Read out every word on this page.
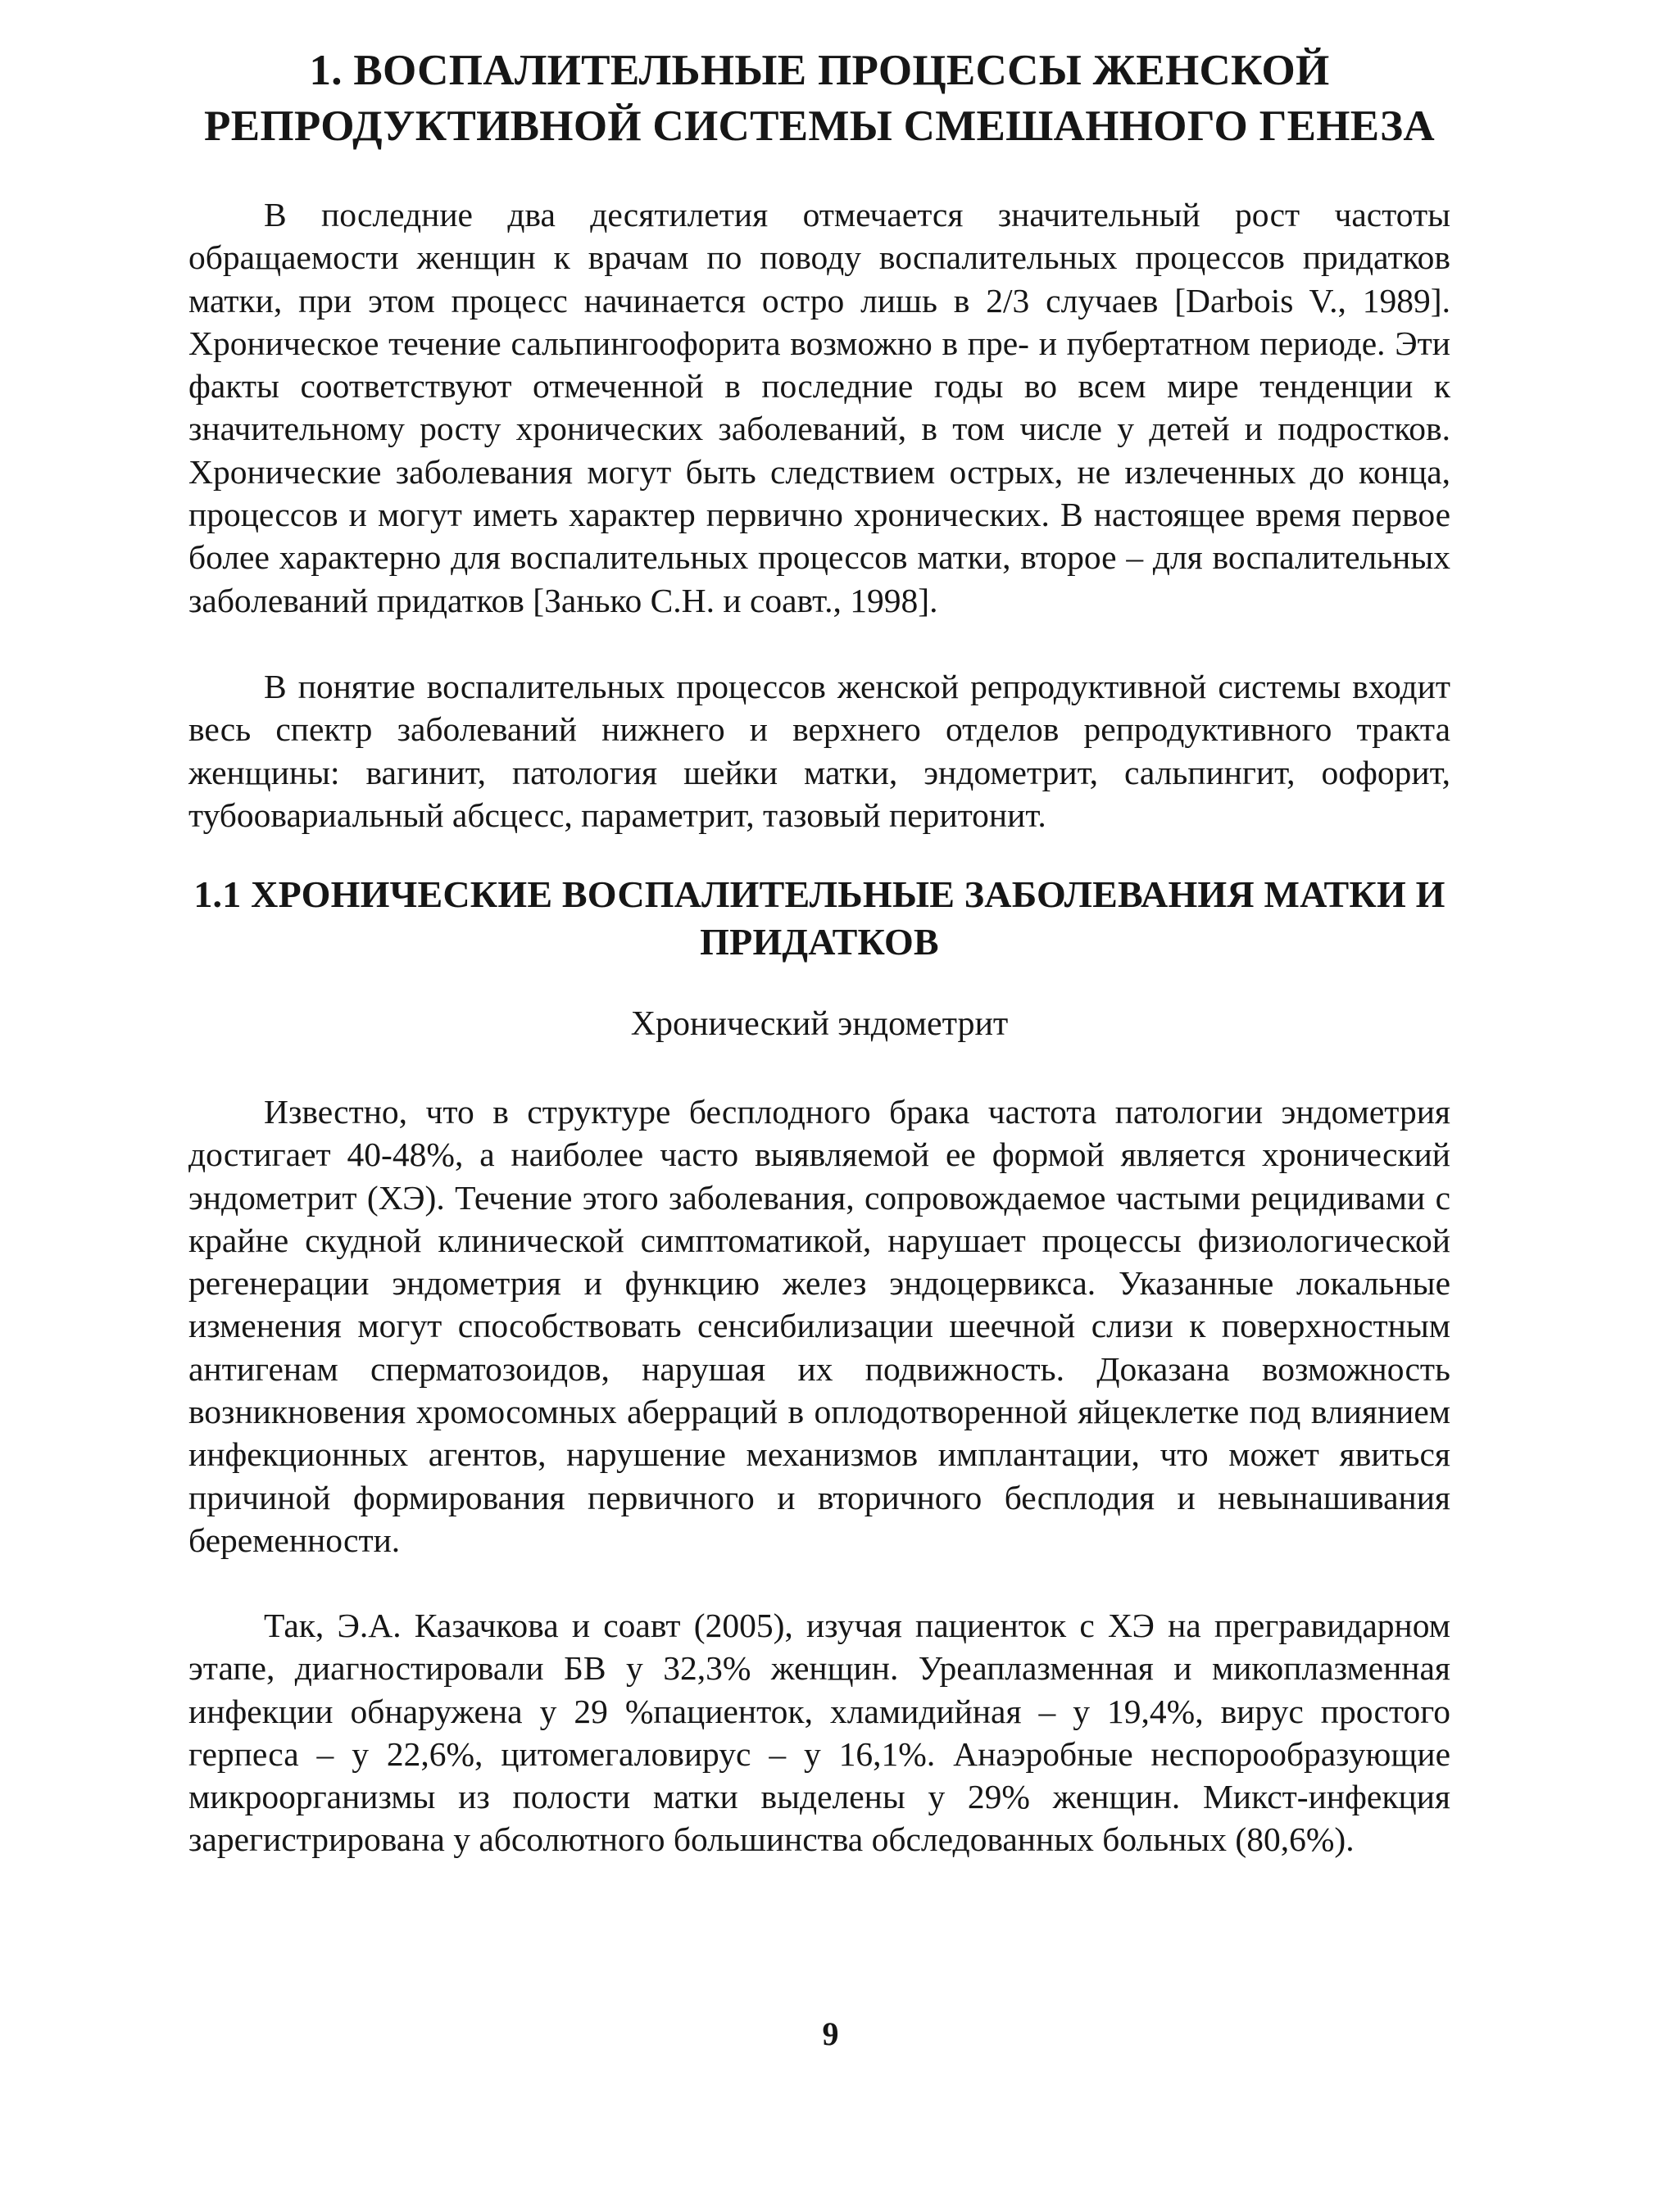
1. ВОСПАЛИТЕЛЬНЫЕ ПРОЦЕССЫ ЖЕНСКОЙ РЕПРОДУКТИВНОЙ СИСТЕМЫ СМЕШАННОГО ГЕНЕЗА

В последние два десятилетия отмечается значительный рост частоты обращаемости женщин к врачам по поводу воспалительных процессов придатков матки, при этом процесс начинается остро лишь в 2/3 случаев [Darbois V., 1989]. Хроническое течение сальпингоофорита возможно в пре- и пубертатном периоде. Эти факты соответствуют отмеченной в последние годы во всем мире тенденции к значительному росту хронических заболеваний, в том числе у детей и подростков. Хронические заболевания могут быть следствием острых, не излеченных до конца, процессов и могут иметь характер первично хронических. В настоящее время первое более характерно для воспалительных процессов матки, второе – для воспалительных заболеваний придатков [Занько С.Н. и соавт., 1998].

В понятие воспалительных процессов женской репродуктивной системы входит весь спектр заболеваний нижнего и верхнего отделов репродуктивного тракта женщины: вагинит, патология шейки матки, эндометрит, сальпингит, оофорит, тубоовариальный абсцесс, параметрит, тазовый перитонит.

1.1 ХРОНИЧЕСКИЕ ВОСПАЛИТЕЛЬНЫЕ ЗАБОЛЕВАНИЯ МАТКИ И ПРИДАТКОВ
Хронический эндометрит

Известно, что в структуре бесплодного брака частота патологии эндометрия достигает 40-48%, а наиболее часто выявляемой ее формой является хронический эндометрит (ХЭ). Течение этого заболевания, сопровождаемое частыми рецидивами с крайне скудной клинической симптоматикой, нарушает процессы физиологической регенерации эндометрия и функцию желез эндоцервикса. Указанные локальные изменения могут способствовать сенсибилизации шеечной слизи к поверхностным антигенам сперматозоидов, нарушая их подвижность. Доказана возможность возникновения хромосомных аберраций в оплодотворенной яйцеклетке под влиянием инфекционных агентов, нарушение механизмов имплантации, что может явиться причиной формирования первичного и вторичного бесплодия и невынашивания беременности.

Так, Э.А. Казачкова и соавт (2005), изучая пациенток с ХЭ на прегравидарном этапе, диагностировали БВ у 32,3% женщин. Уреаплазменная и микоплазменная инфекции обнаружена у 29 %пациенток, хламидийная – у 19,4%, вирус простого герпеса – у 22,6%, цитомегаловирус – у 16,1%. Анаэробные неспорообразующие микроорганизмы из полости матки выделены у 29% женщин. Микст-инфекция зарегистрирована у абсолютного большинства обследованных больных (80,6%).

9
